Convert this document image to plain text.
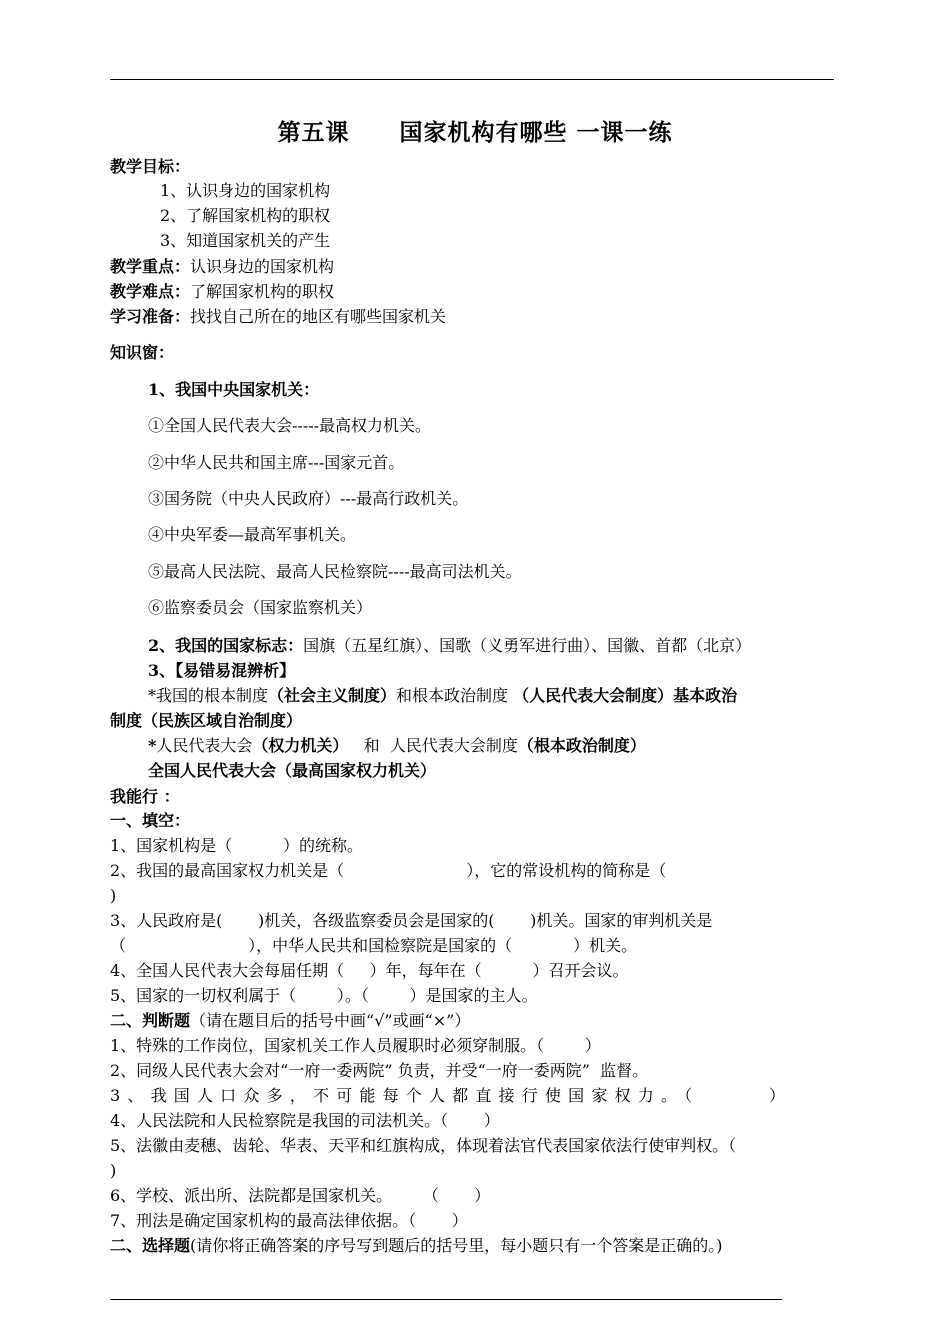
第五课 国家机构有哪些 一课一练
教学目标：
1、认识身边的国家机构
2、了解国家机构的职权
3、知道国家机关的产生
教学重点：认识身边的国家机构
教学难点：了解国家机构的职权
学习准备：找找自己所在的地区有哪些国家机关
知识窗：
1、我国中央国家机关：
①全国人民代表大会-----最高权力机关。
②中华人民共和国主席---国家元首。
③国务院（中央人民政府）---最高行政机关。
④中央军委—最高军事机关。
⑤最高人民法院、最高人民检察院----最高司法机关。
⑥监察委员会（国家监察机关）
2、我国的国家标志：国旗（五星红旗）、国歌（义勇军进行曲）、国徽、首都（北京）
3、【易错易混辨析】
*我国的根本制度（社会主义制度）和根本政治制度 （人民代表大会制度）基本政治
制度（民族区域自治制度）
*人民代表大会（权力机关）   和  人民代表大会制度（根本政治制度）
全国人民代表大会（最高国家权力机关）
我能行 ：
一、填空：
1、国家机构是（          ）的统称。
2、我国的最高国家权力机关是（                        ），它的常设机构的简称是（
)
3、人民政府是(       )机关，各级监察委员会是国家的(       )机关。国家的审判机关是
（                        ），中华人民共和国检察院是国家的（            ）机关。
4、全国人民代表大会每届任期（     ）年，每年在（          ）召开会议。
5、国家的一切权利属于（        ）。（        ）是国家的主人。
二、判断题（请在题目后的括号中画“√”或画“×”）
1、特殊的工作岗位，国家机关工作人员履职时必须穿制服。（        ）
2、同级人民代表大会对“一府一委两院” 负责，并受“一府一委两院”  监督。
3、我国人口众多，不可能每个人都直接行使国家权力。（　　　）
4、人民法院和人民检察院是我国的司法机关。（       ）
5、法徽由麦穗、齿轮、华表、天平和红旗构成，体现着法官代表国家依法行使审判权。（
)
6、学校、派出所、法院都是国家机关。      （       ）
7、刑法是确定国家机构的最高法律依据。（       ）
二、选择题(请你将正确答案的序号写到题后的括号里，每小题只有一个答案是正确的。)
